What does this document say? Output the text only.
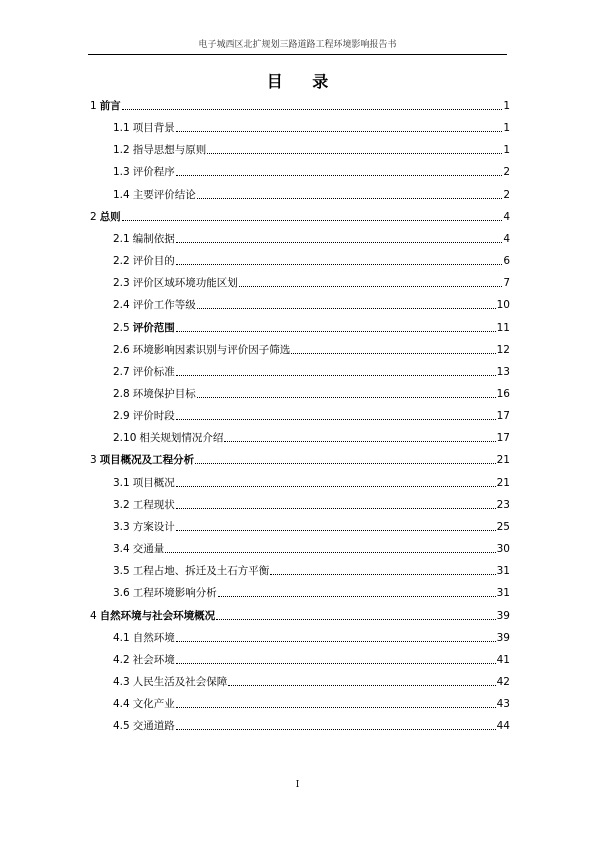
电子城西区北扩规划三路道路工程环境影响报告书
目 录
1 前言	1
1.1 项目背景	1
1.2 指导思想与原则	1
1.3 评价程序	2
1.4 主要评价结论	2
2 总则	4
2.1 编制依据	4
2.2 评价目的	6
2.3 评价区域环境功能区划	7
2.4 评价工作等级	10
2.5 评价范围	11
2.6 环境影响因素识别与评价因子筛选	12
2.7 评价标准	13
2.8 环境保护目标	16
2.9 评价时段	17
2.10 相关规划情况介绍	17
3 项目概况及工程分析	21
3.1 项目概况	21
3.2 工程现状	23
3.3 方案设计	25
3.4 交通量	30
3.5 工程占地、拆迁及土石方平衡	31
3.6 工程环境影响分析	31
4 自然环境与社会环境概况	39
4.1 自然环境	39
4.2 社会环境	41
4.3 人民生活及社会保障	42
4.4 文化产业	43
4.5 交通道路	44
I
